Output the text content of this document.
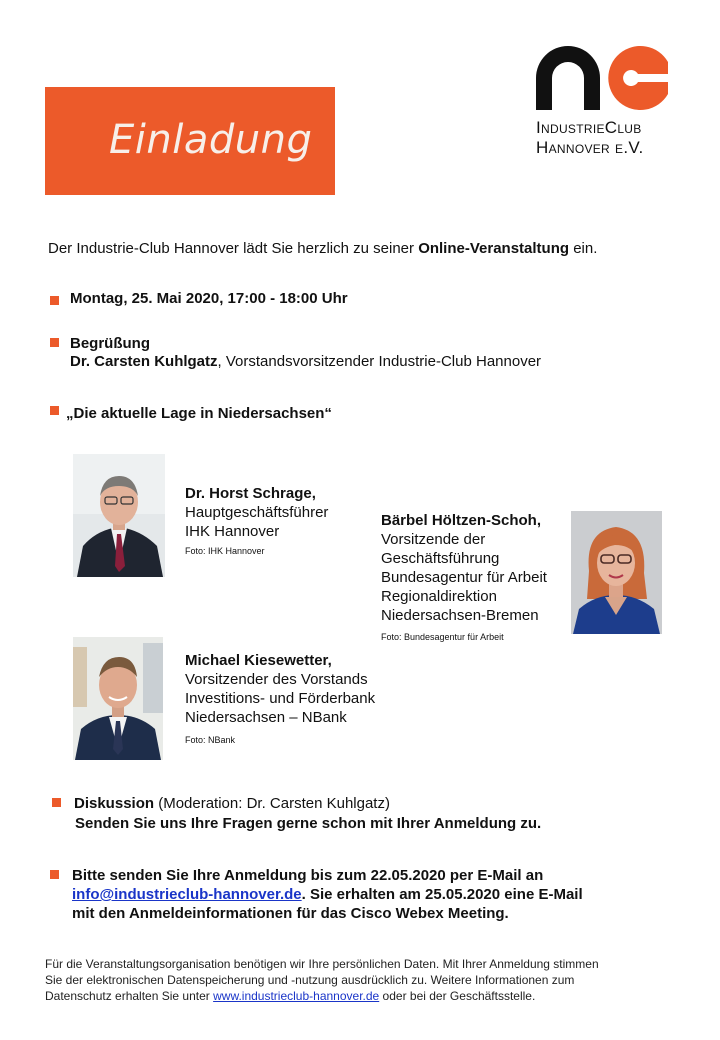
Einladung	IndustrieClub
Hannover e.V.
Der Industrie-Club Hannover lädt Sie herzlich zu seiner Online-Veranstaltung ein.
Montag, 25. Mai 2020, 17:00 - 18:00 Uhr
Begrüßung
Dr. Carsten Kuhlgatz, Vorstandsvorsitzender Industrie-Club Hannover
„Die aktuelle Lage in Niedersachsen“
Dr. Horst Schrage,
Hauptgeschäftsführer
IHK Hannover
Foto: IHK Hannover
Bärbel Höltzen-Schoh,
Vorsitzende der
Geschäftsführung
Bundesagentur für Arbeit
Regionaldirektion
Niedersachsen-Bremen
Foto: Bundesagentur für Arbeit
Michael Kiesewetter,
Vorsitzender des Vorstands
Investitions- und Förderbank
Niedersachsen – NBank
Foto: NBank
Diskussion (Moderation: Dr. Carsten Kuhlgatz)
Senden Sie uns Ihre Fragen gerne schon mit Ihrer Anmeldung zu.
Bitte senden Sie Ihre Anmeldung bis zum 22.05.2020 per E-Mail an
info@industrieclub-hannover.de. Sie erhalten am 25.05.2020 eine E-Mail
mit den Anmeldeinformationen für das Cisco Webex Meeting.
Für die Veranstaltungsorganisation benötigen wir Ihre persönlichen Daten. Mit Ihrer Anmeldung stimmen
Sie der elektronischen Datenspeicherung und -nutzung ausdrücklich zu. Weitere Informationen zum
Datenschutz erhalten Sie unter www.industrieclub-hannover.de oder bei der Geschäftsstelle.
